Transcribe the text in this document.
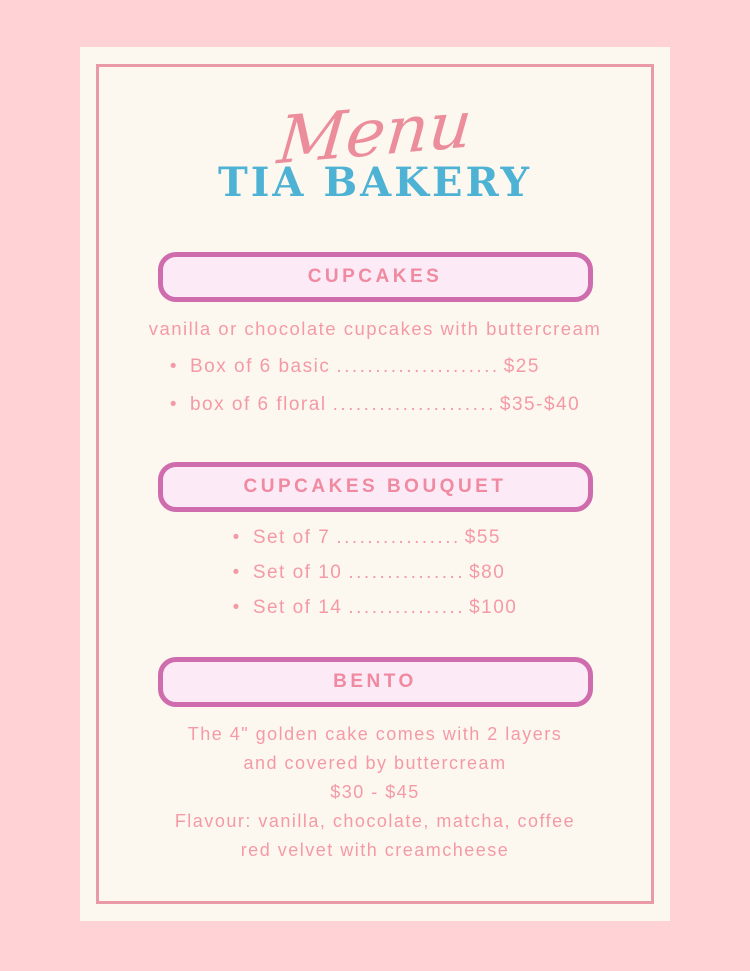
Menu
TIA BAKERY
CUPCAKES
vanilla or chocolate cupcakes with buttercream
• Box of 6 basic ..................... $25
• box of 6 floral ..................... $35-$40
CUPCAKES BOUQUET
• Set of 7 ................ $55
• Set of 10 ............... $80
• Set of 14 ............... $100
BENTO
The 4" golden cake comes with 2 layers
and covered by buttercream
$30 - $45
Flavour: vanilla, chocolate, matcha, coffee
red velvet with creamcheese
